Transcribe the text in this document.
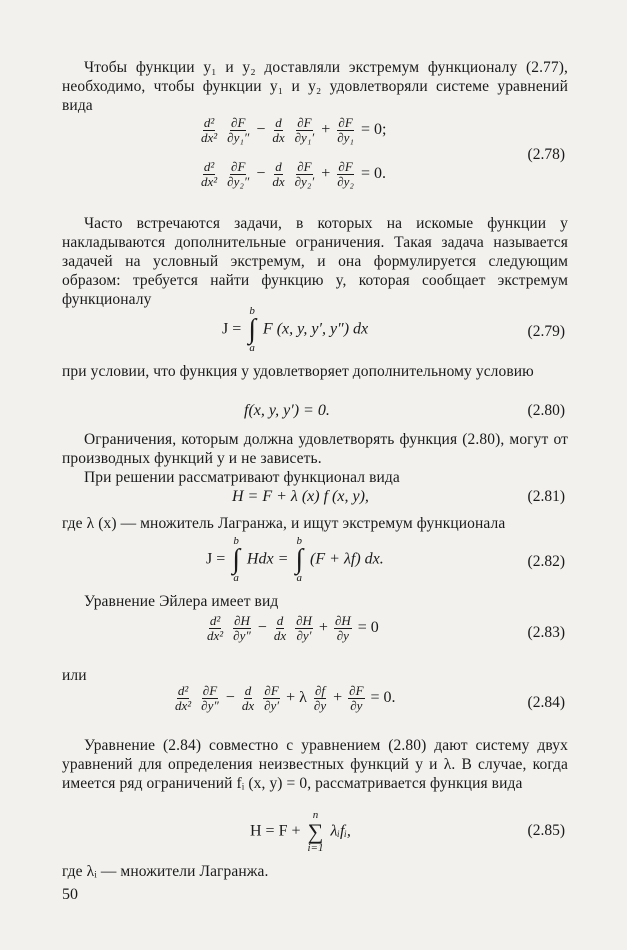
Чтобы функции y₁ и y₂ доставляли экстремум функционалу (2.77), необходимо, чтобы функции y₁ и y₂ удовлетворяли системе уравнений вида
$\frac{\text{d²}}{\text{dx²}}$
$\frac{\partial F}{\text{∂y₁″}} - \frac{d}{dx}$
$\frac{\partial F}{\text{∂y₁′}} + \frac{\partial F}{\text{∂y₁}} = 0$;
$\frac{\text{d²}}{\text{dx²}}$
$\frac{\partial F}{\text{∂y₂″}} - \frac{d}{dx}$
$\frac{\partial F}{\text{∂y₂′}} + \frac{\partial F}{\text{∂y₂}} = 0$.
(2.78)
Часто встречаются задачи, в которых на искомые функции y накладываются дополнительные ограничения. Такая задача называется задачей на условный экстремум, и она формулируется следующим образом: требуется найти функцию y, которая сообщает экстремум функционалу
J =
b
∫
a
F (x, y, y′, y″) dx	(2.79)
при условии, что функция y удовлетворяет дополнительному условию
f(x, y, y′) = 0.	(2.80)
Ограничения, которым должна удовлетворять функция (2.80), могут от производных функций y и не зависеть.
При решении рассматривают функционал вида
H = F + λ (x) f (x, y),	(2.81)
где λ (x) — множитель Лагранжа, и ищут экстремум функционала
J =
b
∫
a
Hdx =
b
∫
a
(F + λf) dx.	(2.82)
Уравнение Эйлера имеет вид
$\frac{\text{d²}}{\text{dx²}}$
$\frac{\partial H}{\partial y''} - \frac{d}{dx}$
$\frac{\partial H}{\partial y'} + \frac{\partial H}{\partial y} = 0$	(2.83)
или
$\frac{\text{d²}}{\text{dx²}}$
$\frac{\partial F}{\partial y''} - \frac{d}{dx}$
$\frac{\partial F}{\partial y'} + \lambda \frac{\partial f}{\partial y} + \frac{\partial F}{\partial y} = 0$.	(2.84)
Уравнение (2.84) совместно с уравнением (2.80) дают систему двух уравнений для определения неизвестных функций y и λ. В случае, когда имеется ряд ограничений fᵢ (x, y) = 0, рассматривается функция вида
H = F +
n
∑
i=1
λᵢfᵢ,	(2.85)
где λᵢ — множители Лагранжа.
50
